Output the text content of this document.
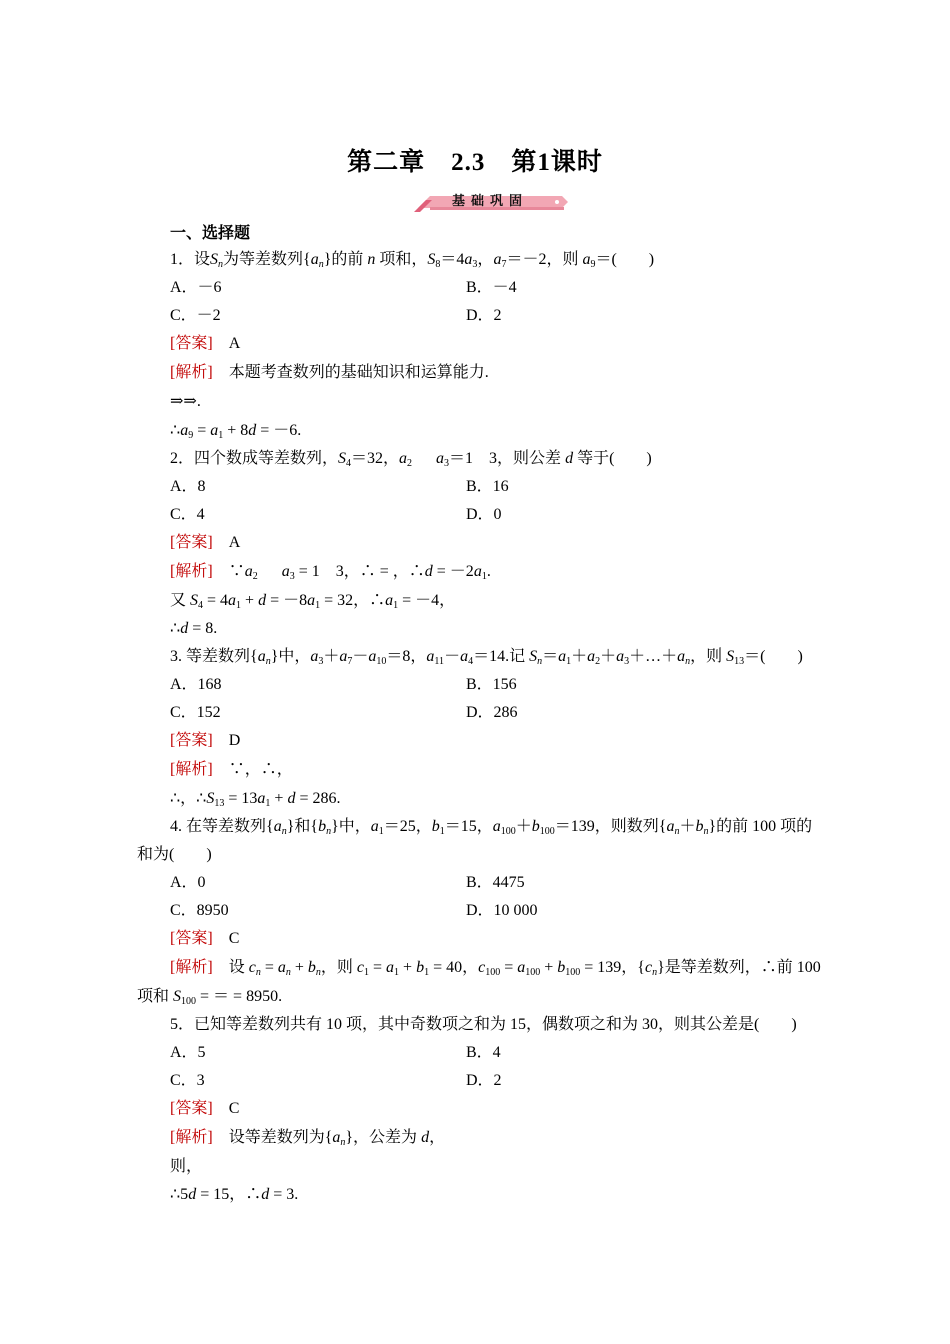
第二章　2.3　第1课时
基础巩固
一、选择题
1．设$S_n$为等差数列$\{a_n\}$的前 n 项和，$S_8=4a_3$，$a_7=-2$，则 $a_9=$(　　)
A．－6	B．－4
C．－2	D．2
[答案]　 A
[解析]　 本题考查数列的基础知识和运算能力.
⇒⇒.
$\therefore a_9 = a_1 + 8d = -6$.
2．四个数成等差数列，$S_4=32$，$a_2$　 $a_3=1$　3，则公差 d 等于(　　)
A．8	B．16
C．4	D．0
[答案]　 A
[解析]　 $\because a_2$　 $a_3 = 1$　3，∴ = ，∴d = $-2a_1$.
又 $S_4 = 4a_1 + d = -8a_1 = 32$，$\therefore a_1 = -4$，
∴d = 8.
3. 等差数列$\{a_n\}$中，$a_3+a_7-a_{10}=8$，$a_{11}-a_4=14$.记 $S_n=a_1+a_2+a_3+\dots+a_n$，则 $S_{13}=$(　　)
A．168	B．156
C．152	D．286
[答案]　 D
[解析]　 ∵，∴，
∴，$\therefore S_{13} = 13a_1 + d = 286$.
4. 在等差数列$\{a_n\}$和$\{b_n\}$中，$a_1=25$，$b_1=15$，$a_{100}+b_{100}=139$，则数列$\{a_n+b_n\}$的前 100 项的
和为(　　)
A．0	B．4475
C．8950	D．10 000
[答案]　 C
[解析]　 设 $c_n = a_n + b_n$，则 $c_1 = a_1 + b_1 = 40$，$c_{100} = a_{100} + b_{100} = 139$，$\{c_n\}$是等差数列，∴前 100
项和 $S_{100}$ = ＝ = 8950.
5．已知等差数列共有 10 项，其中奇数项之和为 15，偶数项之和为 30，则其公差是(　　)
A．5	B．4
C．3	D．2
[答案]　 C
[解析]　 设等差数列为$\{a_n\}$，公差为 d，
则，
∴5d = 15，∴d = 3.
